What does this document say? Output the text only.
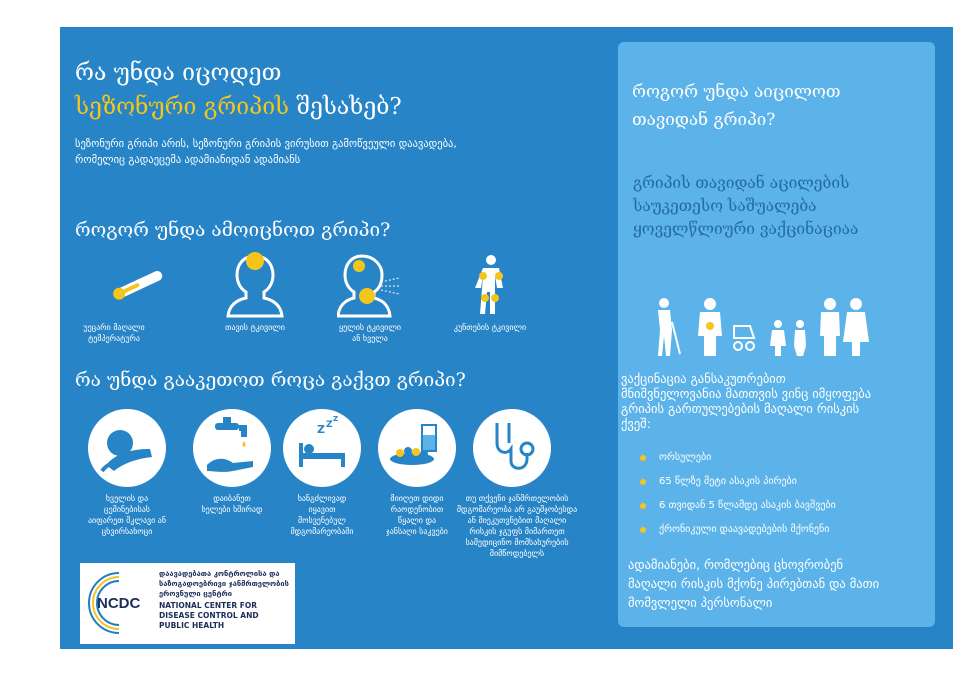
რა უნდა იცოდეთ
სეზონური გრიპის შესახებ?
სეზონური გრიპი არის, სეზონური გრიპის ვირუსით გამოწვეული დაავადება,
რომელიც გადაეცემა ადამიანიდან ადამიანს
როგორ უნდა ამოიცნოთ გრიპი?
უეცარი მაღალი
ტემპერატურა
თავის ტკივილი	ყელის ტკივილი
ან ხველა
კუნთების ტკივილი
რა უნდა გააკეთოთ როცა გაქვთ გრიპი?
Z Z
Z
ხველის და
ცემინებისას
აიფარეთ მკლავი ან
ცხვირსახოცი
დაიბანეთ
ხელები ხშირად
ხანგძლივად
იყავით
მოსვენებულ
მდგომარეობაში
მიიღეთ დიდი
რაოდენობით
წყალი და
ჯანსაღი საკვები
თუ თქვენი ჯანმრთელობის
მდგომარეობა არ გაუმჯობესდა
ან მიეკუთვნებით მაღალი
რისკის ჯგუფს მიმართეთ
სამედიცინო მომსახურების
მიმწოდებელს
NCDC
დაავადებათა კონტროლისა და
საზოგადოებრივი ჯანმრთელობის
ეროვნული ცენტრი
NATIONAL CENTER FOR
DISEASE CONTROL AND
PUBLIC HEALTH
როგორ უნდა აიცილოთ
თავიდან გრიპი?
გრიპის თავიდან აცილების
საუკეთესო საშუალება
ყოველწლიური ვაქცინაციაა
ვაქცინაცია განსაკუთრებით
მნიშვნელოვანია მათთვის ვინც იმყოფება
გრიპის გართულებების მაღალი რისკის
ქვეშ:
ორსულები
65 წლზე მეტი ასაკის პირები
6 თვიდან 5 წლამდე ასაკის ბავშვები
ქრონიკული დაავადებების მქონენი
ადამიანები, რომლებიც ცხოვრობენ
მაღალი რისკის მქონე პირებთან და მათი
მომვლელი პერსონალი
